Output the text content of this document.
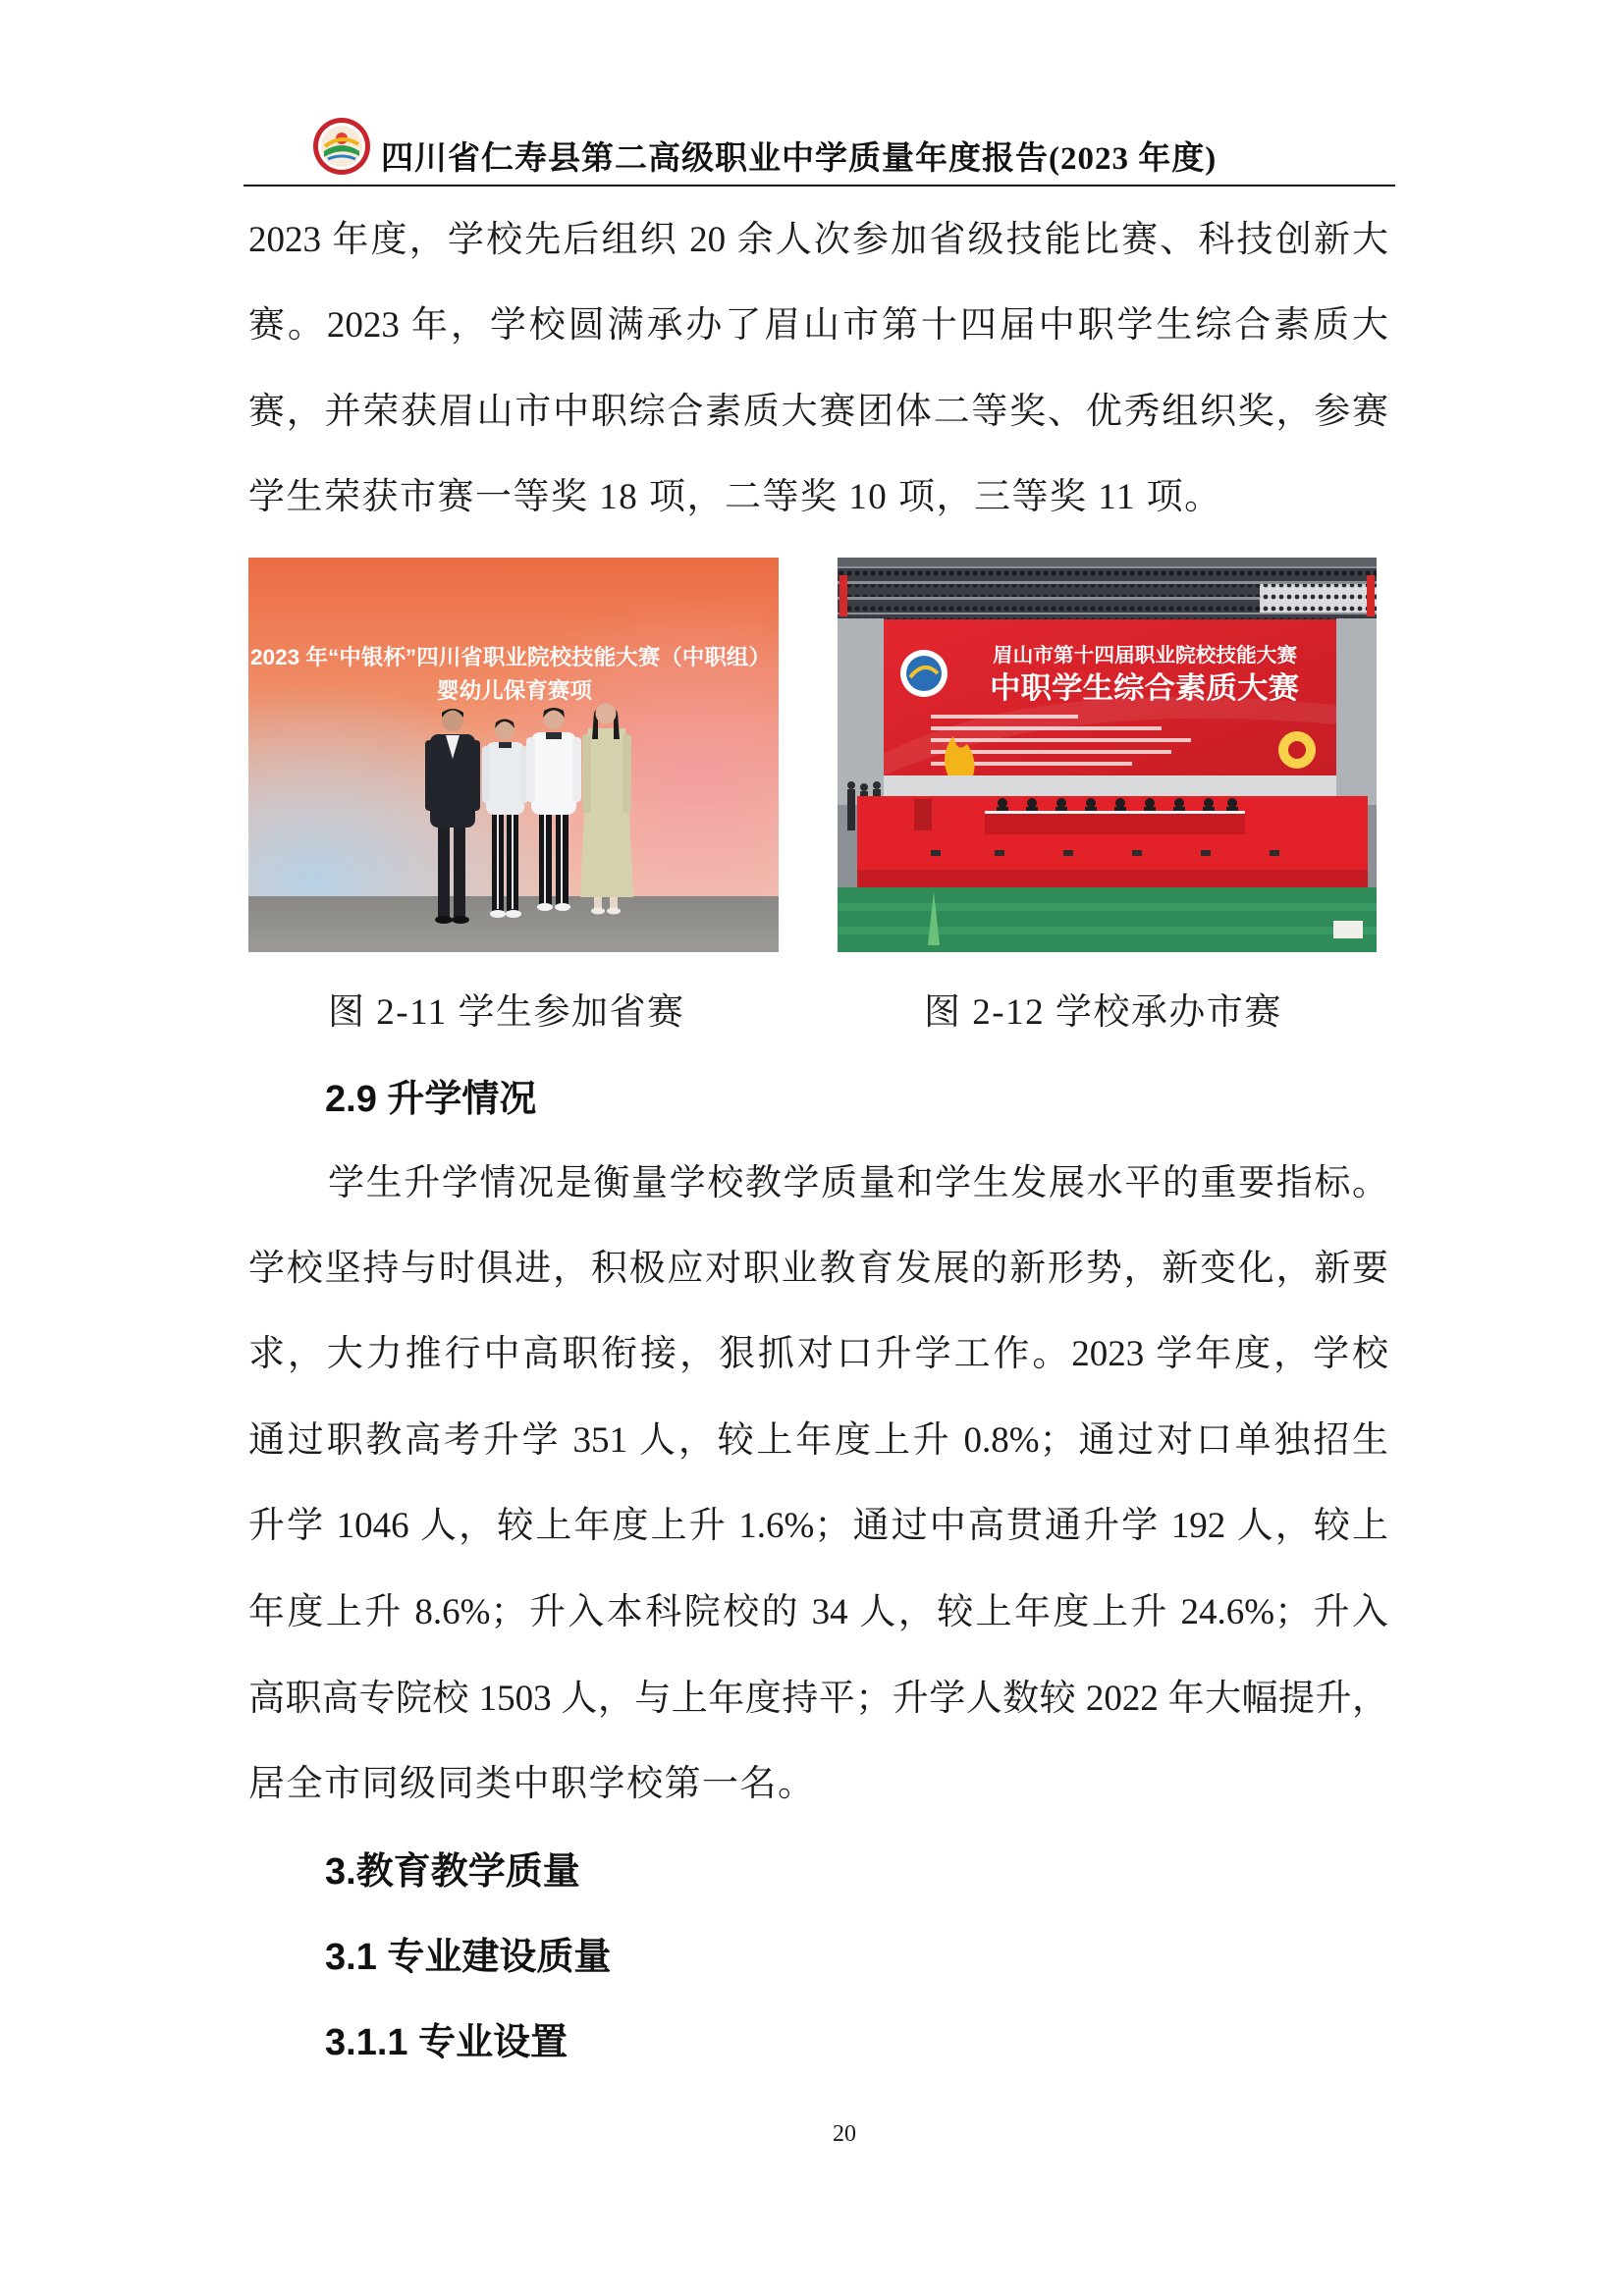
四川省仁寿县第二高级职业中学质量年度报告(2023 年度)
2023 年度，学校先后组织 20 余人次参加省级技能比赛、科技创新大
赛。2023 年，学校圆满承办了眉山市第十四届中职学生综合素质大
赛，并荣获眉山市中职综合素质大赛团体二等奖、优秀组织奖，参赛
学生荣获市赛一等奖 18 项，二等奖 10 项，三等奖 11 项。
2023 年“中银杯”四川省职业院校技能大赛（中职组）
婴幼儿保育赛项
眉山市第十四届职业院校技能大赛
中职学生综合素质大赛
图 2-11 学生参加省赛	图 2-12 学校承办市赛
2.9 升学情况
学生升学情况是衡量学校教学质量和学生发展水平的重要指标。
学校坚持与时俱进，积极应对职业教育发展的新形势，新变化，新要
求，大力推行中高职衔接，狠抓对口升学工作。2023 学年度，学校
通过职教高考升学 351 人，较上年度上升 0.8%；通过对口单独招生
升学 1046 人，较上年度上升 1.6%；通过中高贯通升学 192 人，较上
年度上升 8.6%；升入本科院校的 34 人，较上年度上升 24.6%；升入
高职高专院校 1503 人，与上年度持平；升学人数较 2022 年大幅提升，
居全市同级同类中职学校第一名。
3.教育教学质量
3.1 专业建设质量
3.1.1 专业设置
20
